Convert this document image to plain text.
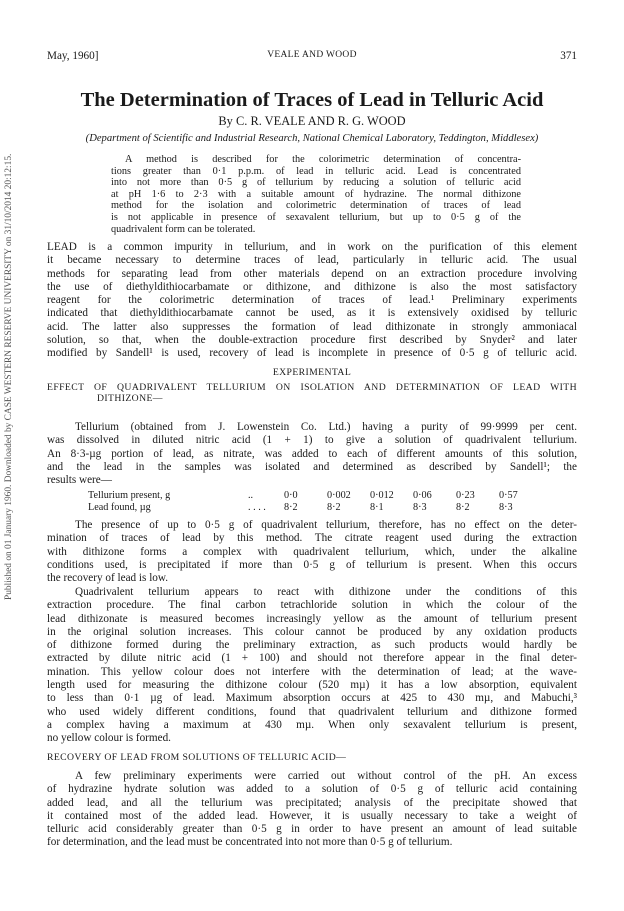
Published on 01 January 1960. Downloaded by CASE WESTERN RESERVE UNIVERSITY on 31/10/2014 20:12:15.
May, 1960]	VEALE AND WOOD	371
The Determination of Traces of Lead in Telluric Acid
By C. R. VEALE AND R. G. WOOD
(Department of Scientific and Industrial Research, National Chemical Laboratory, Teddington, Middlesex)
A method is described for the colorimetric determination of concentra-
tions greater than 0·1 p.p.m. of lead in telluric acid. Lead is concentrated
into not more than 0·5 g of tellurium by reducing a solution of telluric acid
at pH 1·6 to 2·3 with a suitable amount of hydrazine. The normal dithizone
method for the isolation and colorimetric determination of traces of lead
is not applicable in presence of sexavalent tellurium, but up to 0·5 g of the
quadrivalent form can be tolerated.
LEAD is a common impurity in tellurium, and in work on the purification of this element
it became necessary to determine traces of lead, particularly in telluric acid. The usual
methods for separating lead from other materials depend on an extraction procedure involving
the use of diethyldithiocarbamate or dithizone, and dithizone is also the most satisfactory
reagent for the colorimetric determination of traces of lead.¹ Preliminary experiments
indicated that diethyldithiocarbamate cannot be used, as it is extensively oxidised by telluric
acid. The latter also suppresses the formation of lead dithizonate in strongly ammoniacal
solution, so that, when the double-extraction procedure first described by Snyder² and later
modified by Sandell¹ is used, recovery of lead is incomplete in presence of 0·5 g of telluric acid.
EXPERIMENTAL
EFFECT OF QUADRIVALENT TELLURIUM ON ISOLATION AND DETERMINATION OF LEAD WITH
DITHIZONE—
Tellurium (obtained from J. Lowenstein Co. Ltd.) having a purity of 99·9999 per cent.
was dissolved in diluted nitric acid (1 + 1) to give a solution of quadrivalent tellurium.
An 8·3-µg portion of lead, as nitrate, was added to each of different amounts of this solution,
and the lead in the samples was isolated and determined as described by Sandell¹; the
results were—
Tellurium present, g	..	0·0	0·002	0·012	0·06	0·23	0·57
Lead found, µg	. . . .	8·2	8·2	8·1	8·3	8·2	8·3
The presence of up to 0·5 g of quadrivalent tellurium, therefore, has no effect on the deter-
mination of traces of lead by this method. The citrate reagent used during the extraction
with dithizone forms a complex with quadrivalent tellurium, which, under the alkaline
conditions used, is precipitated if more than 0·5 g of tellurium is present. When this occurs
the recovery of lead is low.
Quadrivalent tellurium appears to react with dithizone under the conditions of this
extraction procedure. The final carbon tetrachloride solution in which the colour of the
lead dithizonate is measured becomes increasingly yellow as the amount of tellurium present
in the original solution increases. This colour cannot be produced by any oxidation products
of dithizone formed during the preliminary extraction, as such products would hardly be
extracted by dilute nitric acid (1 + 100) and should not therefore appear in the final deter-
mination. This yellow colour does not interfere with the determination of lead; at the wave-
length used for measuring the dithizone colour (520 mµ) it has a low absorption, equivalent
to less than 0·1 µg of lead. Maximum absorption occurs at 425 to 430 mµ, and Mabuchi,³
who used widely different conditions, found that quadrivalent tellurium and dithizone formed
a complex having a maximum at 430 mµ. When only sexavalent tellurium is present,
no yellow colour is formed.
RECOVERY OF LEAD FROM SOLUTIONS OF TELLURIC ACID—
A few preliminary experiments were carried out without control of the pH. An excess
of hydrazine hydrate solution was added to a solution of 0·5 g of telluric acid containing
added lead, and all the tellurium was precipitated; analysis of the precipitate showed that
it contained most of the added lead. However, it is usually necessary to take a weight of
telluric acid considerably greater than 0·5 g in order to have present an amount of lead suitable
for determination, and the lead must be concentrated into not more than 0·5 g of tellurium.
